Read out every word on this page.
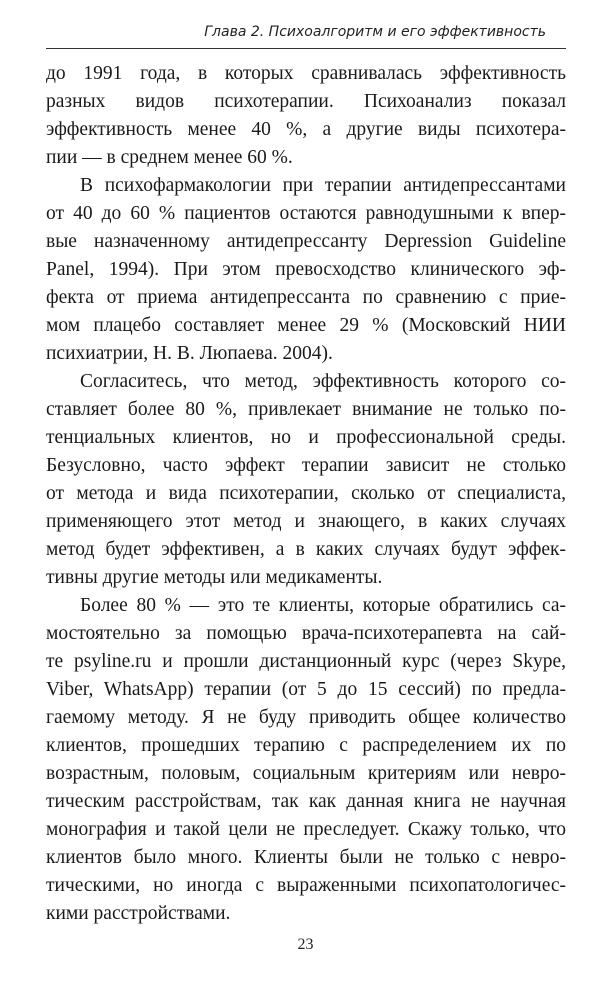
Глава 2. Психоалгоритм и его эффективность
до 1991 года, в которых сравнивалась эффективность
разных видов психотерапии. Психоанализ показал
эффективность менее 40 %, а другие виды психотера-
пии — в среднем менее 60 %.
В психофармакологии при терапии антидепрессантами
от 40 до 60 % пациентов остаются равнодушными к впер-
вые назначенному антидепрессанту Depression Guideline
Panel, 1994). При этом превосходство клинического эф-
фекта от приема антидепрессанта по сравнению с прие-
мом плацебо составляет менее 29 % (Московский НИИ
психиатрии, Н. В. Люпаева. 2004).
Согласитесь, что метод, эффективность которого со-
ставляет более 80 %, привлекает внимание не только по-
тенциальных клиентов, но и профессиональной среды.
Безусловно, часто эффект терапии зависит не столько
от метода и вида психотерапии, сколько от специалиста,
применяющего этот метод и знающего, в каких случаях
метод будет эффективен, а в каких случаях будут эффек-
тивны другие методы или медикаменты.
Более 80 % — это те клиенты, которые обратились са-
мостоятельно за помощью врача-психотерапевта на сай-
те psyline.ru и прошли дистанционный курс (через Skype,
Viber, WhatsApp) терапии (от 5 до 15 сессий) по предла-
гаемому методу. Я не буду приводить общее количество
клиентов, прошедших терапию с распределением их по
возрастным, половым, социальным критериям или невро-
тическим расстройствам, так как данная книга не научная
монография и такой цели не преследует. Скажу только, что
клиентов было много. Клиенты были не только с невро-
тическими, но иногда с выраженными психопатологичес-
кими расстройствами.
23
